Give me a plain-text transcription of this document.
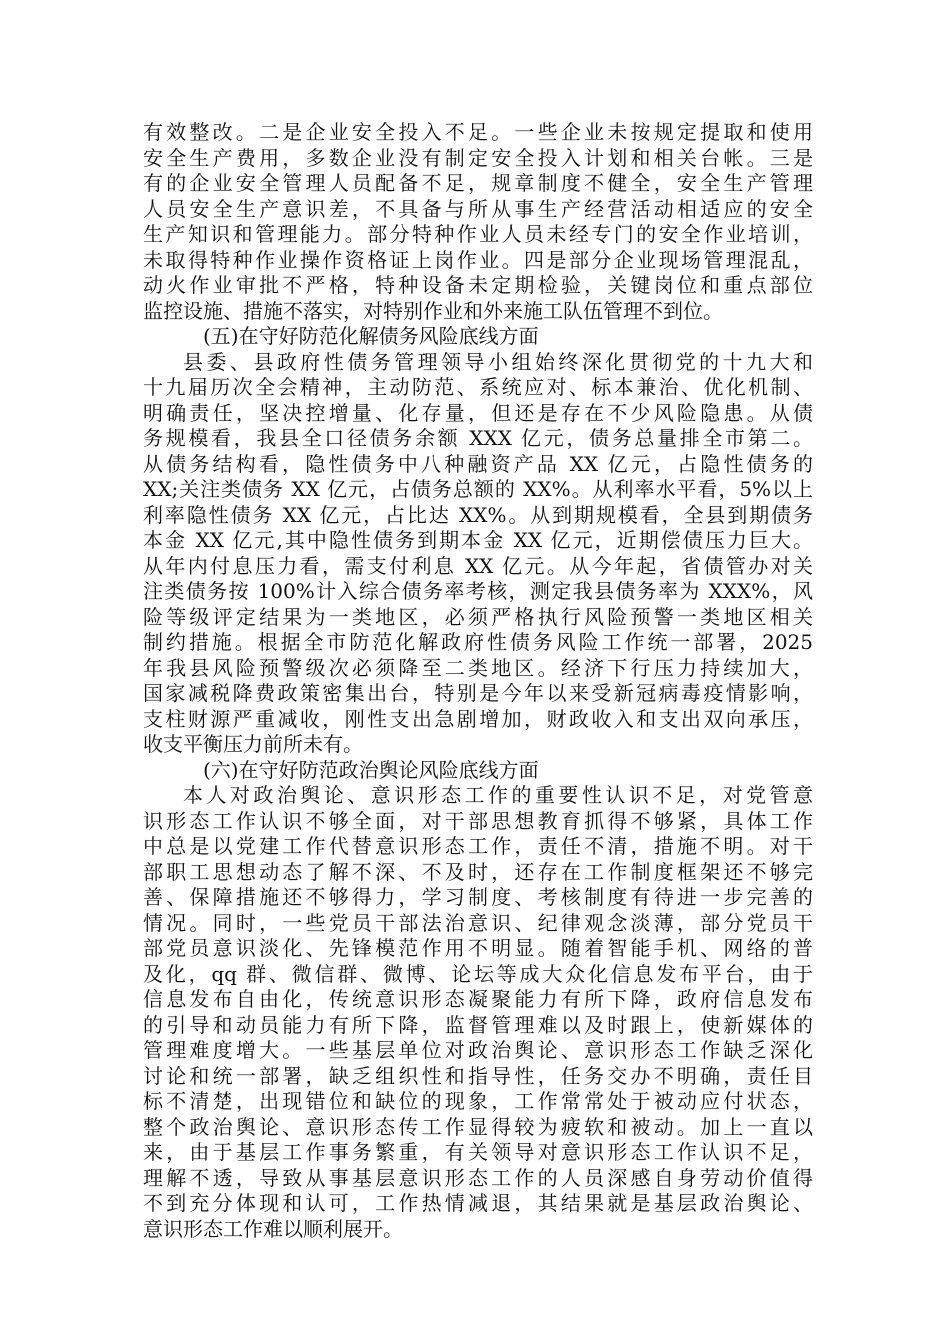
有效整改。二是企业安全投入不足。一些企业未按规定提取和使用
安全生产费用，多数企业没有制定安全投入计划和相关台帐。三是
有的企业安全管理人员配备不足，规章制度不健全，安全生产管理
人员安全生产意识差，不具备与所从事生产经营活动相适应的安全
生产知识和管理能力。部分特种作业人员未经专门的安全作业培训，
未取得特种作业操作资格证上岗作业。四是部分企业现场管理混乱，
动火作业审批不严格，特种设备未定期检验，关键岗位和重点部位
监控设施、措施不落实，对特别作业和外来施工队伍管理不到位。
(五)在守好防范化解债务风险底线方面
县委、县政府性债务管理领导小组始终深化贯彻党的十九大和
十九届历次全会精神，主动防范、系统应对、标本兼治、优化机制、
明确责任，坚决控增量、化存量，但还是存在不少风险隐患。从债
务规模看，我县全口径债务余额 XXX 亿元，债务总量排全市第二。
从债务结构看，隐性债务中八种融资产品 XX 亿元，占隐性债务的
XX;关注类债务 XX 亿元，占债务总额的 XX%。从利率水平看，5%以上
利率隐性债务 XX 亿元，占比达 XX%。从到期规模看，全县到期债务
本金 XX 亿元,其中隐性债务到期本金 XX 亿元，近期偿债压力巨大。
从年内付息压力看，需支付利息 XX 亿元。从今年起，省债管办对关
注类债务按 100%计入综合债务率考核，测定我县债务率为 XXX%，风
险等级评定结果为一类地区，必须严格执行风险预警一类地区相关
制约措施。根据全市防范化解政府性债务风险工作统一部署，2025
年我县风险预警级次必须降至二类地区。经济下行压力持续加大，
国家减税降费政策密集出台，特别是今年以来受新冠病毒疫情影响，
支柱财源严重减收，刚性支出急剧增加，财政收入和支出双向承压，
收支平衡压力前所未有。
(六)在守好防范政治舆论风险底线方面
本人对政治舆论、意识形态工作的重要性认识不足，对党管意
识形态工作认识不够全面，对干部思想教育抓得不够紧，具体工作
中总是以党建工作代替意识形态工作，责任不清，措施不明。对干
部职工思想动态了解不深、不及时，还存在工作制度框架还不够完
善、保障措施还不够得力，学习制度、考核制度有待进一步完善的
情况。同时，一些党员干部法治意识、纪律观念淡薄，部分党员干
部党员意识淡化、先锋模范作用不明显。随着智能手机、网络的普
及化，qq 群、微信群、微博、论坛等成大众化信息发布平台，由于
信息发布自由化，传统意识形态凝聚能力有所下降，政府信息发布
的引导和动员能力有所下降，监督管理难以及时跟上，使新媒体的
管理难度增大。一些基层单位对政治舆论、意识形态工作缺乏深化
讨论和统一部署，缺乏组织性和指导性，任务交办不明确，责任目
标不清楚，出现错位和缺位的现象，工作常常处于被动应付状态，
整个政治舆论、意识形态传工作显得较为疲软和被动。加上一直以
来，由于基层工作事务繁重，有关领导对意识形态工作认识不足，
理解不透，导致从事基层意识形态工作的人员深感自身劳动价值得
不到充分体现和认可，工作热情减退，其结果就是基层政治舆论、
意识形态工作难以顺利展开。
